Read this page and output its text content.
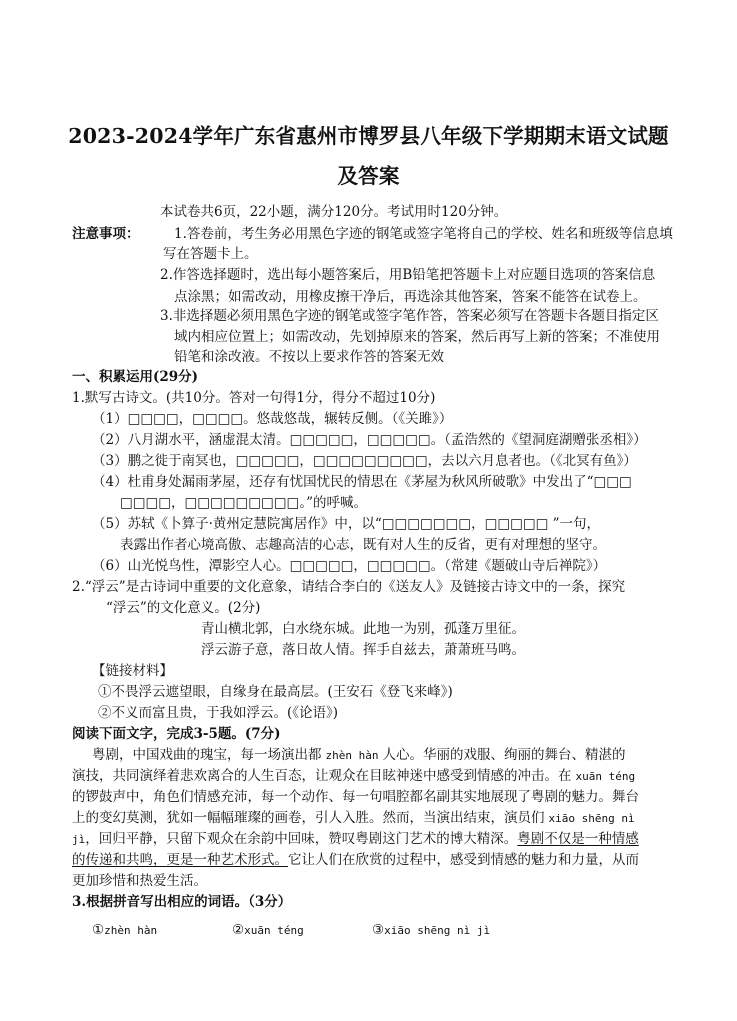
2023-2024学年广东省惠州市博罗县八年级下学期期末语文试题
及答案
本试卷共6页，22小题，满分120分。考试用时120分钟。
注意事项：	1.答卷前，考生务必用黑色字迹的钢笔或签字笔将自己的学校、姓名和班级等信息填
写在答题卡上。
2.作答选择题时，选出每小题答案后，用B铅笔把答题卡上对应题目选项的答案信息
点涂黑；如需改动，用橡皮擦干净后，再选涂其他答案，答案不能答在试卷上。
3.非选择题必须用黑色字迹的钢笔或签字笔作答，答案必须写在答题卡各题目指定区
域内相应位置上；如需改动，先划掉原来的答案，然后再写上新的答案；不准使用
铅笔和涂改液。不按以上要求作答的答案无效
一、积累运用(29分)
1.默写古诗文。(共10分。答对一句得1分，得分不超过10分)
（1）□□□□，□□□□。悠哉悠哉，辗转反侧。（《关雎》）
（2）八月湖水平，涵虚混太清。□□□□□，□□□□□。（孟浩然的《望洞庭湖赠张丞相》）
（3）鹏之徙于南冥也，□□□□□，□□□□□□□□□，去以六月息者也。（《北冥有鱼》）
（4）杜甫身处漏雨茅屋，还存有忧国忧民的情思在《茅屋为秋风所破歌》中发出了“□□□
□□□□，□□□□□□□□□。”的呼喊。
（5）苏轼《卜算子·黄州定慧院寓居作》中，以“□□□□□□□，□□□□□ ”一句，
表露出作者心境高傲、志趣高洁的心志，既有对人生的反省，更有对理想的坚守。
（6）山光悦鸟性，潭影空人心。□□□□□，□□□□□。（常建《题破山寺后禅院》）
2.“浮云”是古诗词中重要的文化意象，请结合李白的《送友人》及链接古诗文中的一条，探究
“浮云”的文化意义。(2分)
青山横北郭，白水绕东城。此地一为别，孤蓬万里征。
浮云游子意，落日故人情。挥手自兹去，萧萧班马鸣。
【链接材料】
①不畏浮云遮望眼，自缘身在最高层。(王安石《登飞来峰》)
②不义而富且贵，于我如浮云。(《论语》)
阅读下面文字，完成3-5题。(7分)
粤剧，中国戏曲的瑰宝，每一场演出都 zhèn hàn 人心。华丽的戏服、绚丽的舞台、精湛的
演技，共同演绎着悲欢离合的人生百态，让观众在目眩神迷中感受到情感的冲击。在 xuān téng
的锣鼓声中，角色们情感充沛，每一个动作、每一句唱腔都名副其实地展现了粤剧的魅力。舞台
上的变幻莫测，犹如一幅幅璀璨的画卷，引人入胜。然而，当演出结束，演员们 xiāo shēng nì
jì，回归平静，只留下观众在余韵中回味，赞叹粤剧这门艺术的博大精深。粤剧不仅是一种情感
的传递和共鸣，更是一种艺术形式。它让人们在欣赏的过程中，感受到情感的魅力和力量，从而
更加珍惜和热爱生活。
3.根据拼音写出相应的词语。（3分）
①zhèn hàn	②xuān téng	③xiāo shēng nì jì
